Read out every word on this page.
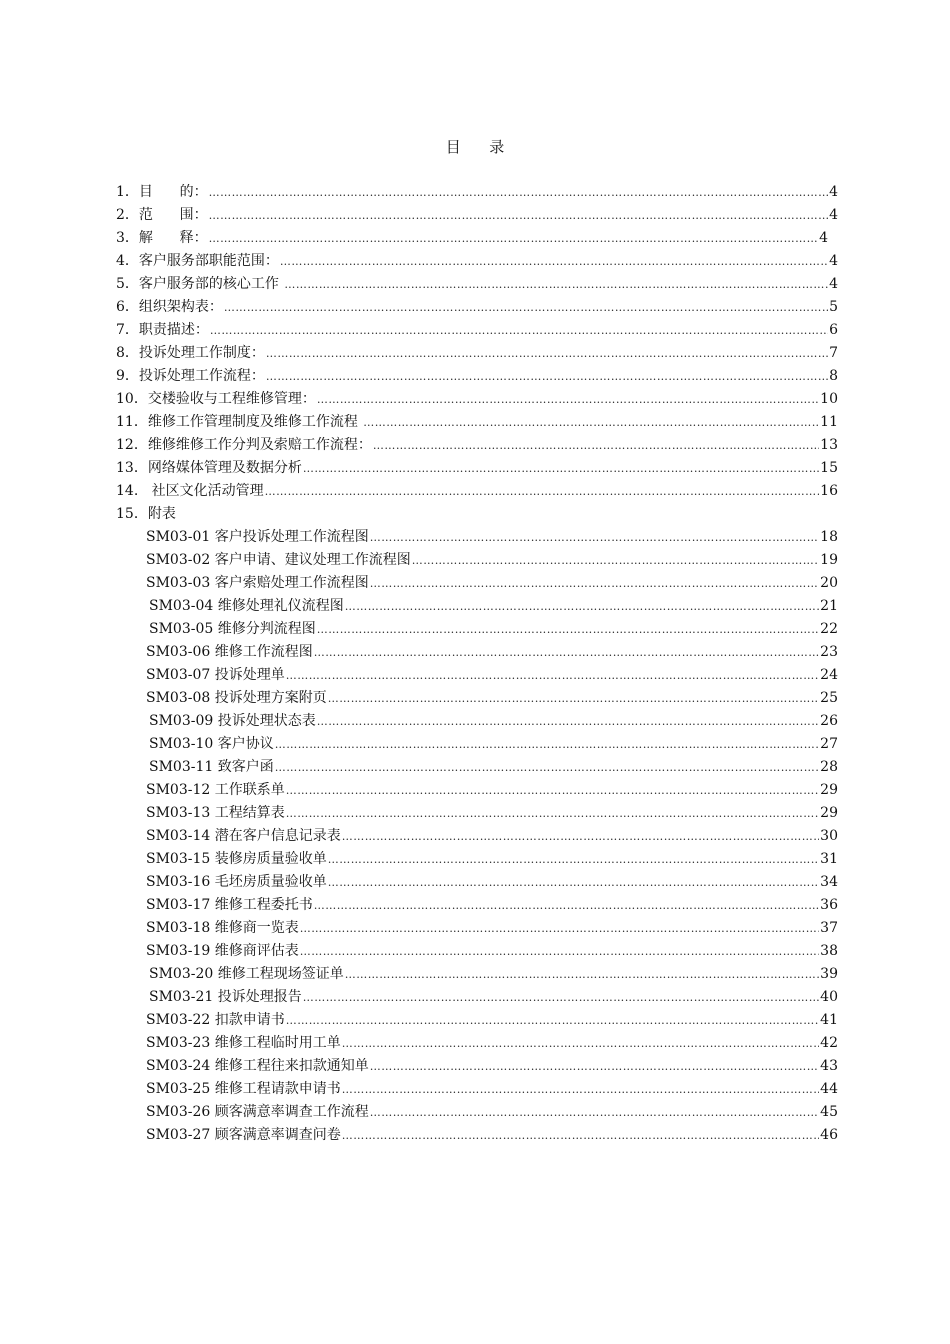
目      录
1．目      的： ……………………………………………………………………………………………………………………………………………………………………………………………………………………………………………………	4
2．范      围： ……………………………………………………………………………………………………………………………………………………………………………………………………………………………………………………	4
3．解      释： ……………………………………………………………………………………………………………………………………………………………………………………………………………………………………………………	4
4．客户服务部职能范围： ……………………………………………………………………………………………………………………………………………………………………………………………………………………………………………………	4
5．客户服务部的核心工作 ……………………………………………………………………………………………………………………………………………………………………………………………………………………………………………………	4
6．组织架构表： ……………………………………………………………………………………………………………………………………………………………………………………………………………………………………………………	5
7．职责描述： ……………………………………………………………………………………………………………………………………………………………………………………………………………………………………………………	6
8．投诉处理工作制度： ……………………………………………………………………………………………………………………………………………………………………………………………………………………………………………………	7
9．投诉处理工作流程： ……………………………………………………………………………………………………………………………………………………………………………………………………………………………………………………	8
10．交楼验收与工程维修管理： ……………………………………………………………………………………………………………………………………………………………………………………………………………………………………………………	10
11．维修工作管理制度及维修工作流程 ……………………………………………………………………………………………………………………………………………………………………………………………………………………………………………………	11
12．维修维修工作分判及索赔工作流程： ……………………………………………………………………………………………………………………………………………………………………………………………………………………………………………………	13
13．网络媒体管理及数据分析 ……………………………………………………………………………………………………………………………………………………………………………………………………………………………………………………	15
14.   社区文化活动管理 ……………………………………………………………………………………………………………………………………………………………………………………………………………………………………………………	16
15．附表
SM03-01 客户投诉处理工作流程图 ……………………………………………………………………………………………………………………………………………………………………………………………………………………………………………………	18
SM03-02 客户申请、建议处理工作流程图 ……………………………………………………………………………………………………………………………………………………………………………………………………………………………………………………	19
SM03-03 客户索赔处理工作流程图 ……………………………………………………………………………………………………………………………………………………………………………………………………………………………………………………	20
SM03-04 维修处理礼仪流程图 ……………………………………………………………………………………………………………………………………………………………………………………………………………………………………………………	21
SM03-05 维修分判流程图 ……………………………………………………………………………………………………………………………………………………………………………………………………………………………………………………	22
SM03-06 维修工作流程图 ……………………………………………………………………………………………………………………………………………………………………………………………………………………………………………………	23
SM03-07 投诉处理单 ……………………………………………………………………………………………………………………………………………………………………………………………………………………………………………………	24
SM03-08 投诉处理方案附页 ……………………………………………………………………………………………………………………………………………………………………………………………………………………………………………………	25
SM03-09 投诉处理状态表 ……………………………………………………………………………………………………………………………………………………………………………………………………………………………………………………	26
SM03-10 客户协议 ……………………………………………………………………………………………………………………………………………………………………………………………………………………………………………………	27
SM03-11 致客户函 ……………………………………………………………………………………………………………………………………………………………………………………………………………………………………………………	28
SM03-12 工作联系单 ……………………………………………………………………………………………………………………………………………………………………………………………………………………………………………………	29
SM03-13 工程结算表 ……………………………………………………………………………………………………………………………………………………………………………………………………………………………………………………	29
SM03-14 潜在客户信息记录表 ……………………………………………………………………………………………………………………………………………………………………………………………………………………………………………………	30
SM03-15 装修房质量验收单 ……………………………………………………………………………………………………………………………………………………………………………………………………………………………………………………	31
SM03-16 毛坯房质量验收单 ……………………………………………………………………………………………………………………………………………………………………………………………………………………………………………………	34
SM03-17 维修工程委托书 ……………………………………………………………………………………………………………………………………………………………………………………………………………………………………………………	36
SM03-18 维修商一览表 ……………………………………………………………………………………………………………………………………………………………………………………………………………………………………………………	37
SM03-19 维修商评估表 ……………………………………………………………………………………………………………………………………………………………………………………………………………………………………………………	38
SM03-20 维修工程现场签证单 ……………………………………………………………………………………………………………………………………………………………………………………………………………………………………………………	39
SM03-21 投诉处理报告 ……………………………………………………………………………………………………………………………………………………………………………………………………………………………………………………	40
SM03-22 扣款申请书 ……………………………………………………………………………………………………………………………………………………………………………………………………………………………………………………	41
SM03-23 维修工程临时用工单 ……………………………………………………………………………………………………………………………………………………………………………………………………………………………………………………	42
SM03-24 维修工程往来扣款通知单 ……………………………………………………………………………………………………………………………………………………………………………………………………………………………………………………	43
SM03-25 维修工程请款申请书 ……………………………………………………………………………………………………………………………………………………………………………………………………………………………………………………	44
SM03-26 顾客满意率调查工作流程 ……………………………………………………………………………………………………………………………………………………………………………………………………………………………………………………	45
SM03-27 顾客满意率调查问卷 ……………………………………………………………………………………………………………………………………………………………………………………………………………………………………………………	46
